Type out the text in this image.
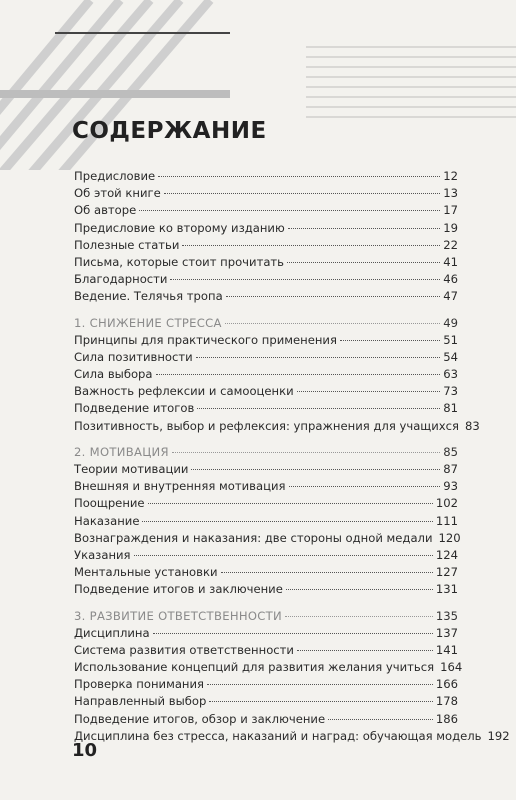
СОДЕРЖАНИЕ
Предисловие	12
Об этой книге	13
Об авторе	17
Предисловие ко второму изданию	19
Полезные статьи	22
Письма, которые стоит прочитать	41
Благодарности	46
Ведение. Телячья тропа	47
1. СНИЖЕНИЕ СТРЕССА	49
Принципы для практического применения	51
Сила позитивности	54
Сила выбора	63
Важность рефлексии и самооценки	73
Подведение итогов	81
Позитивность, выбор и рефлексия: упражнения для учащихся 83
2. МОТИВАЦИЯ	85
Теории мотивации	87
Внешняя и внутренняя мотивация	93
Поощрение	102
Наказание	111
Вознаграждения и наказания: две стороны одной медали 120
Указания	124
Ментальные установки	127
Подведение итогов и заключение	131
3. РАЗВИТИЕ ОТВЕТСТВЕННОСТИ	135
Дисциплина	137
Система развития ответственности	141
Использование концепций для развития желания учиться 164
Проверка понимания	166
Направленный выбор	178
Подведение итогов, обзор и заключение	186
Дисциплина без стресса, наказаний и наград: обучающая модель 192
10
